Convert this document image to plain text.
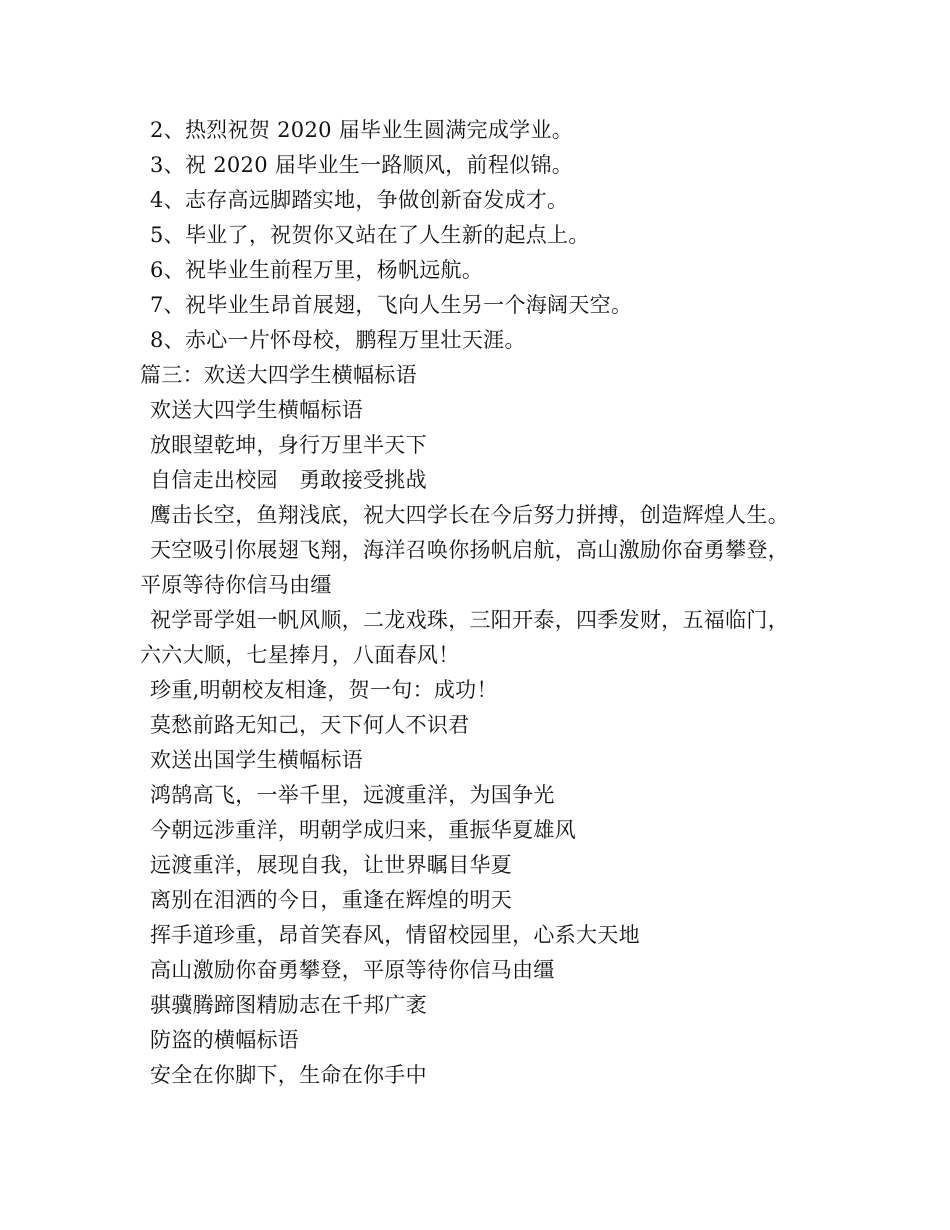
2、热烈祝贺 2020 届毕业生圆满完成学业。
3、祝 2020 届毕业生一路顺风，前程似锦。
4、志存高远脚踏实地，争做创新奋发成才。
5、毕业了，祝贺你又站在了人生新的起点上。
6、祝毕业生前程万里，杨帆远航。
7、祝毕业生昂首展翅，飞向人生另一个海阔天空。
8、赤心一片怀母校，鹏程万里壮天涯。
篇三：欢送大四学生横幅标语
欢送大四学生横幅标语
放眼望乾坤，身行万里半天下
自信走出校园　勇敢接受挑战
鹰击长空，鱼翔浅底，祝大四学长在今后努力拼搏，创造辉煌人生。
天空吸引你展翅飞翔，海洋召唤你扬帆启航，高山激励你奋勇攀登，
平原等待你信马由缰
祝学哥学姐一帆风顺，二龙戏珠，三阳开泰，四季发财，五福临门，
六六大顺，七星捧月，八面春风！
珍重,明朝校友相逢，贺一句：成功！
莫愁前路无知己，天下何人不识君
欢送出国学生横幅标语
鸿鹄高飞，一举千里，远渡重洋，为国争光
今朝远涉重洋，明朝学成归来，重振华夏雄风
远渡重洋，展现自我，让世界瞩目华夏
离别在泪洒的今日，重逢在辉煌的明天
挥手道珍重，昂首笑春风，情留校园里，心系大天地
高山激励你奋勇攀登，平原等待你信马由缰
骐骥腾蹄图精励志在千邦广袤
防盗的横幅标语
安全在你脚下，生命在你手中
